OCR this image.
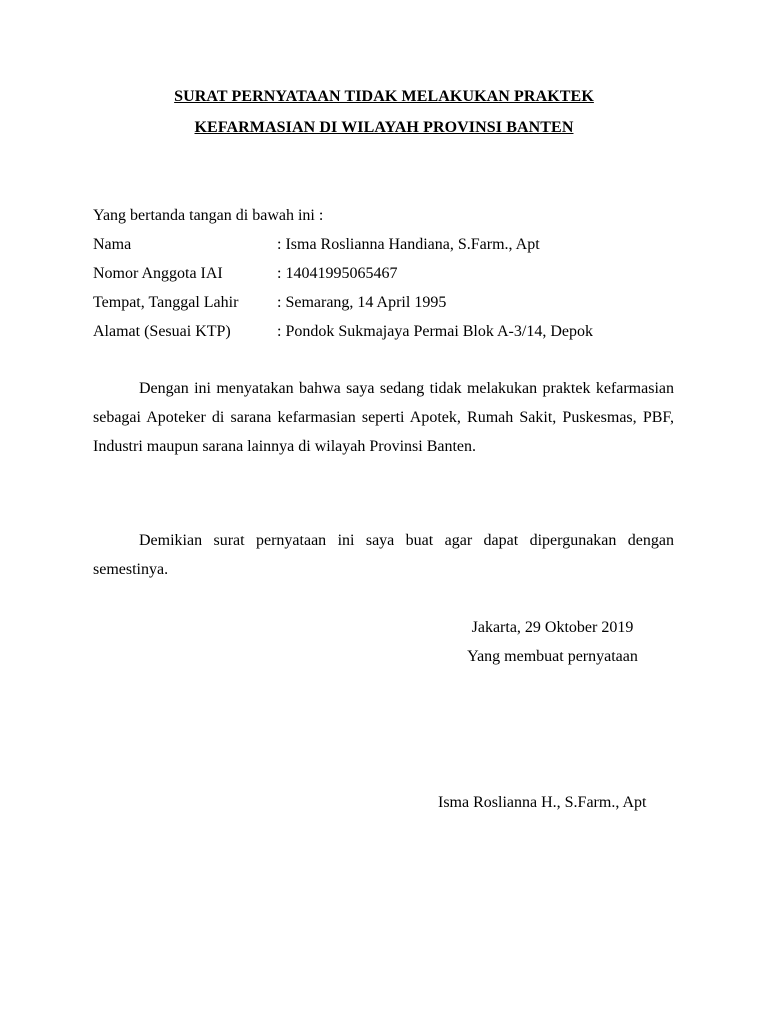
SURAT PERNYATAAN TIDAK MELAKUKAN PRAKTEK
KEFARMASIAN DI WILAYAH PROVINSI BANTEN
Yang bertanda tangan di bawah ini :
Nama	: Isma Roslianna Handiana, S.Farm., Apt
Nomor Anggota IAI	: 14041995065467
Tempat, Tanggal Lahir : Semarang, 14 April 1995
Alamat (Sesuai KTP)	: Pondok Sukmajaya Permai Blok A-3/14, Depok
Dengan ini menyatakan bahwa saya sedang tidak melakukan praktek kefarmasian sebagai Apoteker di sarana kefarmasian seperti Apotek, Rumah Sakit, Puskesmas, PBF, Industri maupun sarana lainnya di wilayah Provinsi Banten.
Demikian surat pernyataan ini saya buat agar dapat dipergunakan dengan semestinya.
Jakarta, 29 Oktober 2019
Yang membuat pernyataan
Isma Roslianna H., S.Farm., Apt
